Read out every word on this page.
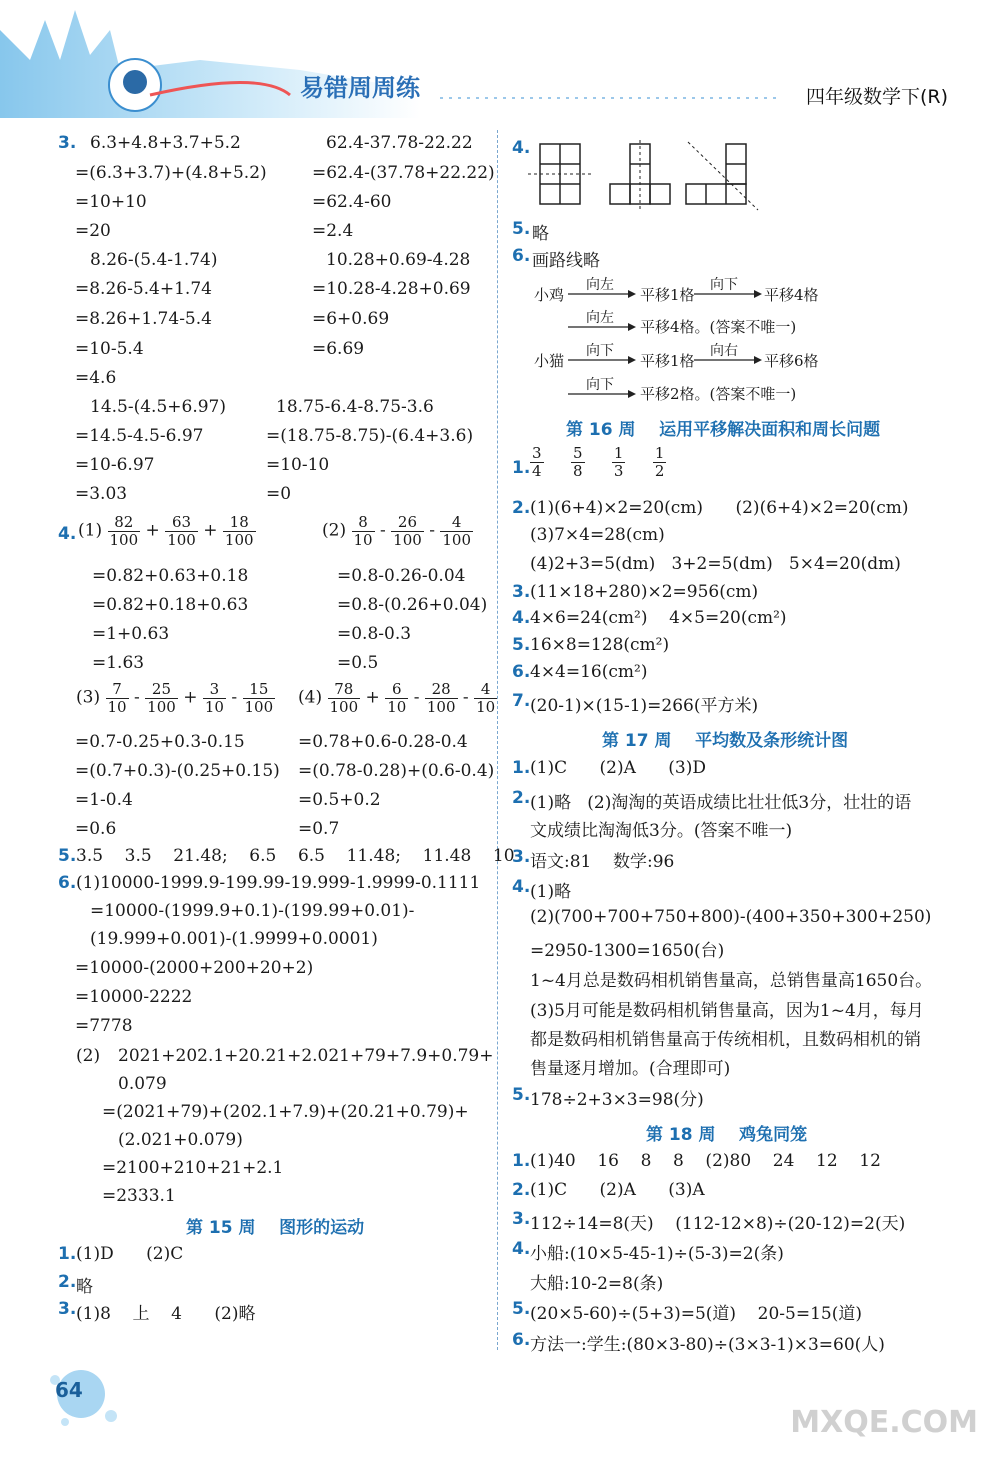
易错周周练	四年级数学下(R)
3. 6.3+4.8+3.7+5.2
=(6.3+3.7)+(4.8+5.2)
=10+10
=20
62.4-37.78-22.22
=62.4-(37.78+22.22)
=62.4-60
=2.4
8.26-(5.4-1.74)
=8.26-5.4+1.74
=8.26+1.74-5.4
=10-5.4
=4.6
10.28+0.69-4.28
=10.28-4.28+0.69
=6+0.69
=6.69
14.5-(4.5+6.97)
=14.5-4.5-6.97
=10-6.97
=3.03
18.75-6.4-8.75-3.6
=(18.75-8.75)-(6.4+3.6)
=10-10
=0
4. $(1) \frac{82}{100} + \frac{63}{100} + \frac{18}{100}$
=0.82+0.63+0.18
=0.82+0.18+0.63
=1+0.63
=1.63
$(2) \frac{8}{10} - \frac{26}{100} - \frac{4}{100}$
=0.8-0.26-0.04
=0.8-(0.26+0.04)
=0.8-0.3
=0.5
$(3) \frac{7}{10} - \frac{25}{100} + \frac{3}{10} - \frac{15}{100}$
=0.7-0.25+0.3-0.15
=(0.7+0.3)-(0.25+0.15)
=1-0.4
=0.6
$(4) \frac{78}{100} + \frac{6}{10} - \frac{28}{100} - \frac{4}{10}$
=0.78+0.6-0.28-0.4
=(0.78-0.28)+(0.6-0.4)
=0.5+0.2
=0.7
5. 3.5    3.5    21.48;    6.5    6.5    11.48;    11.48    10
6. (1)10000-1999.9-199.99-19.999-1.9999-0.1111
=10000-(1999.9+0.1)-(199.99+0.01)-
(19.999+0.001)-(1.9999+0.0001)
=10000-(2000+200+20+2)
=10000-2222
=7778
(2) 2021+202.1+20.21+2.021+79+7.9+0.79+
0.079
=(2021+79)+(202.1+7.9)+(20.21+0.79)+
(2.021+0.079)
=2100+210+21+2.1
=2333.1
第 15 周    图形的运动
1. (1)D      (2)C
2. 略
3. (1)8    上    4      (2)略
4.
5. 略
6. 画路线略
小鸡
向左
平移1格
向下
平移4格
向左 平移4格。(答案不唯一)
小猫
向下
平移1格
向右
平移6格
向下 平移2格。(答案不唯一)
第 16 周    运用平移解决面积和周长问题
1. $\frac{3}{4}$
$\frac{5}{8}$
$\frac{1}{3}$
$\frac{1}{2}$
2. (1)(6+4)×2=20(cm)      (2)(6+4)×2=20(cm)
(3)7×4=28(cm)
(4)2+3=5(dm)   3+2=5(dm)   5×4=20(dm)
3. (11×18+280)×2=956(cm)
4. 4×6=24(cm²)    4×5=20(cm²)
5. 16×8=128(cm²)
6. 4×4=16(cm²)
7. (20-1)×(15-1)=266(平方米)
第 17 周    平均数及条形统计图
1. (1)C      (2)A      (3)D
2. (1)略   (2)淘淘的英语成绩比壮壮低3分，壮壮的语
文成绩比淘淘低3分。(答案不唯一)
3. 语文:81    数学:96
4. (1)略
(2)(700+700+750+800)-(400+350+300+250)
=2950-1300=1650(台)
1~4月总是数码相机销售量高，总销售量高1650台。
(3)5月可能是数码相机销售量高，因为1~4月，每月
都是数码相机销售量高于传统相机，且数码相机的销
售量逐月增加。(合理即可)
5. 178÷2+3×3=98(分)
第 18 周    鸡兔同笼
1. (1)40    16    8    8    (2)80    24    12    12
2. (1)C      (2)A      (3)A
3. 112÷14=8(天)    (112-12×8)÷(20-12)=2(天)
4. 小船:(10×5-45-1)÷(5-3)=2(条)
大船:10-2=8(条)
5. (20×5-60)÷(5+3)=5(道)    20-5=15(道)
6. 方法一:学生:(80×3-80)÷(3×3-1)×3=60(人)
64
MXQE.COM
